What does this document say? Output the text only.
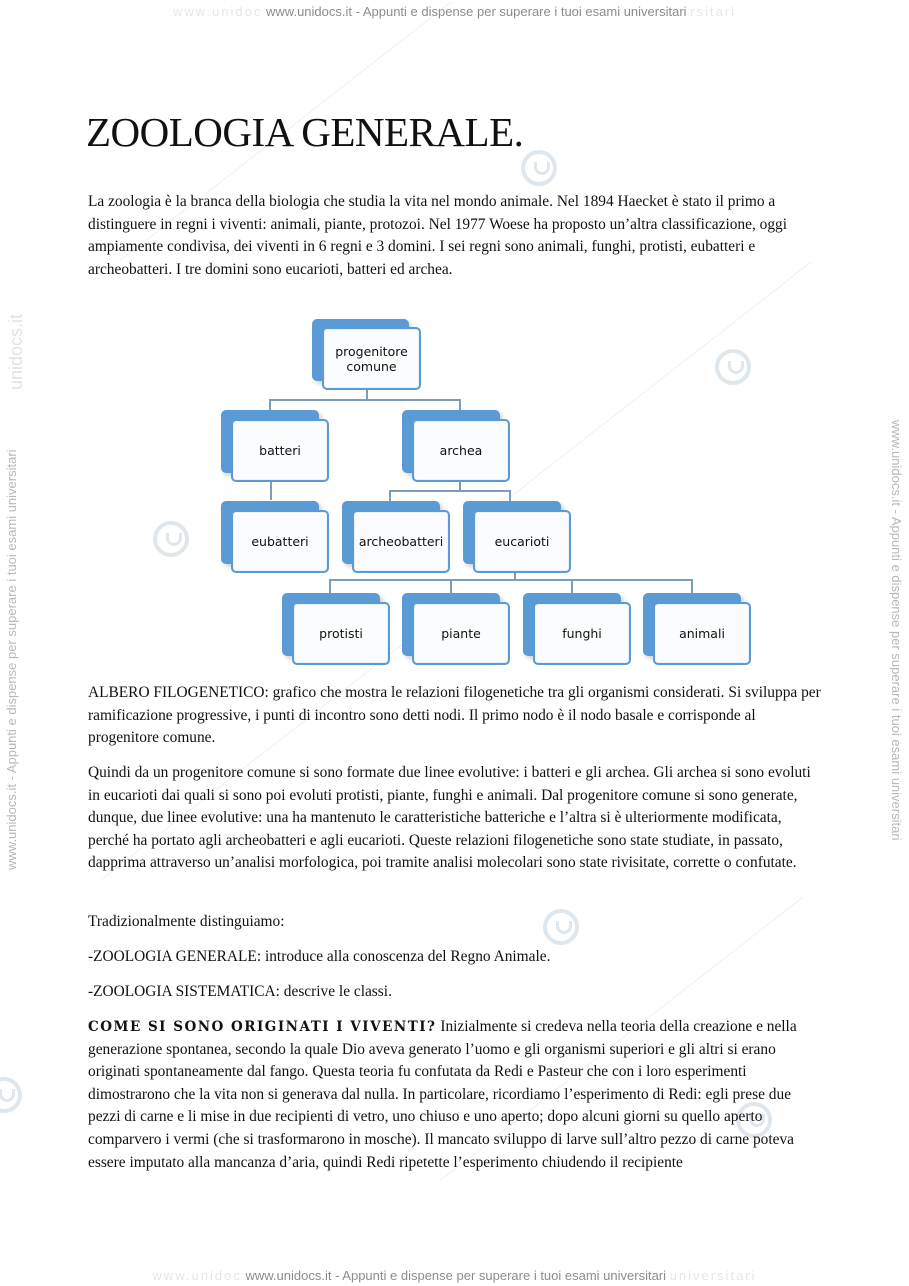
www.unidoc www.unidocs.it - Appunti e dispense per superare i tuoi esami universitari rsitari
www.unidoc www.unidocs.it - Appunti e dispense per superare i tuoi esami universitari universitari
www.unidocs.it - Appunti e dispense per superare i tuoi esami universitari	www.unidocs.it - Appunti e dispense per superare i tuoi esami universitari
unidocs.it
ZOOLOGIA GENERALE.

La zoologia è la branca della biologia che studia la vita nel mondo animale. Nel 1894 Haecket è stato il primo a distinguere in regni i viventi: animali, piante, protozoi. Nel 1977 Woese ha proposto un’altra classificazione, oggi ampiamente condivisa, dei viventi in 6 regni e 3 domini. I sei regni sono animali, funghi, protisti, eubatteri e archeobatteri. I tre domini sono eucarioti, batteri ed archea.

progenitore comune
batteri	archea
eubatteri	archeobatteri	eucarioti
protisti	piante	funghi	animali

ALBERO FILOGENETICO: grafico che mostra le relazioni filogenetiche tra gli organismi considerati. Si sviluppa per ramificazione progressive, i punti di incontro sono detti nodi. Il primo nodo è il nodo basale e corrisponde al progenitore comune.

Quindi da un progenitore comune si sono formate due linee evolutive: i batteri e gli archea. Gli archea si sono evoluti in eucarioti dai quali si sono poi evoluti protisti, piante, funghi e animali. Dal progenitore comune si sono generate, dunque, due linee evolutive: una ha mantenuto le caratteristiche batteriche e l’altra si è ulteriormente modificata, perché ha portato agli archeobatteri e agli eucarioti. Queste relazioni filogenetiche sono state studiate, in passato, dapprima attraverso un’analisi morfologica, poi tramite analisi molecolari sono state rivisitate, corrette o confutate.

Tradizionalmente distinguiamo:

-ZOOLOGIA GENERALE: introduce alla conoscenza del Regno Animale.

-ZOOLOGIA SISTEMATICA: descrive le classi.

COME SI SONO ORIGINATI I VIVENTI? Inizialmente si credeva nella teoria della creazione e nella generazione spontanea, secondo la quale Dio aveva generato l’uomo e gli organismi superiori e gli altri si erano originati spontaneamente dal fango. Questa teoria fu confutata da Redi e Pasteur che con i loro esperimenti dimostrarono che la vita non si generava dal nulla. In particolare, ricordiamo l’esperimento di Redi: egli prese due pezzi di carne e li mise in due recipienti di vetro, uno chiuso e uno aperto; dopo alcuni giorni su quello aperto comparvero i vermi (che si trasformarono in mosche). Il mancato sviluppo di larve sull’altro pezzo di carne poteva essere imputato alla mancanza d’aria, quindi Redi ripetette l’esperimento chiudendo il recipiente
